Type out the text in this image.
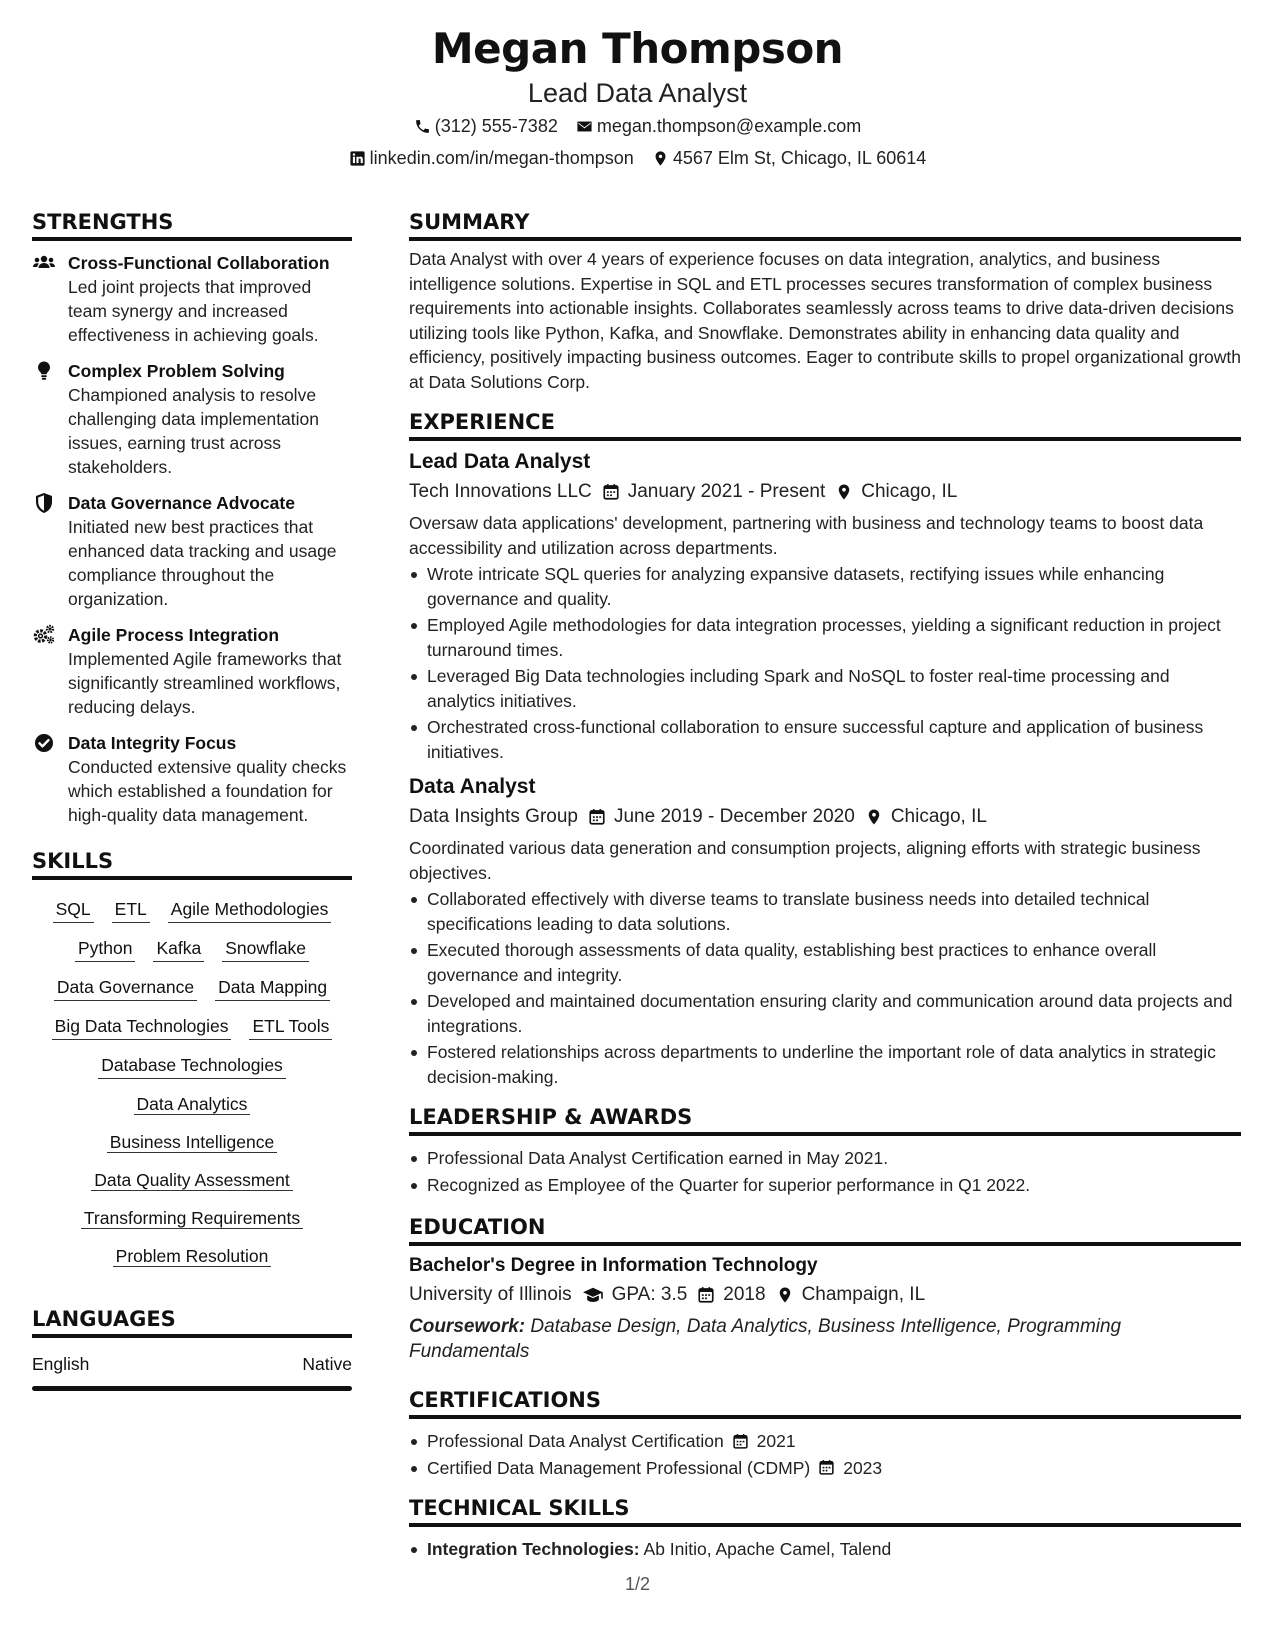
Megan Thompson
Lead Data Analyst
(312) 555-7382 megan.thompson@example.com
linkedin.com/in/megan-thompson 4567 Elm St, Chicago, IL 60614
STRENGTHS
Cross-Functional Collaboration
Led joint projects that improved team synergy and increased effectiveness in achieving goals.
Complex Problem Solving
Championed analysis to resolve challenging data implementation issues, earning trust across stakeholders.
Data Governance Advocate
Initiated new best practices that enhanced data tracking and usage compliance throughout the organization.
Agile Process Integration
Implemented Agile frameworks that significantly streamlined workflows, reducing delays.
Data Integrity Focus
Conducted extensive quality checks which established a foundation for high-quality data management.
SKILLS
SQL ETL Agile Methodologies
Python Kafka Snowflake
Data Governance Data Mapping
Big Data Technologies ETL Tools
Database Technologies
Data Analytics
Business Intelligence
Data Quality Assessment
Transforming Requirements
Problem Resolution
LANGUAGES
English	Native
SUMMARY
Data Analyst with over 4 years of experience focuses on data integration, analytics, and business intelligence solutions. Expertise in SQL and ETL processes secures transformation of complex business requirements into actionable insights. Collaborates seamlessly across teams to drive data-driven decisions utilizing tools like Python, Kafka, and Snowflake. Demonstrates ability in enhancing data quality and efficiency, positively impacting business outcomes. Eager to contribute skills to propel organizational growth at Data Solutions Corp.
EXPERIENCE
Lead Data Analyst
Tech Innovations LLC January 2021 - Present Chicago, IL
Oversaw data applications' development, partnering with business and technology teams to boost data accessibility and utilization across departments.
Wrote intricate SQL queries for analyzing expansive datasets, rectifying issues while enhancing governance and quality.
Employed Agile methodologies for data integration processes, yielding a significant reduction in project turnaround times.
Leveraged Big Data technologies including Spark and NoSQL to foster real-time processing and analytics initiatives.
Orchestrated cross-functional collaboration to ensure successful capture and application of business initiatives.
Data Analyst
Data Insights Group June 2019 - December 2020 Chicago, IL
Coordinated various data generation and consumption projects, aligning efforts with strategic business objectives.
Collaborated effectively with diverse teams to translate business needs into detailed technical specifications leading to data solutions.
Executed thorough assessments of data quality, establishing best practices to enhance overall governance and integrity.
Developed and maintained documentation ensuring clarity and communication around data projects and integrations.
Fostered relationships across departments to underline the important role of data analytics in strategic decision-making.
LEADERSHIP & AWARDS
Professional Data Analyst Certification earned in May 2021.
Recognized as Employee of the Quarter for superior performance in Q1 2022.
EDUCATION
Bachelor's Degree in Information Technology
University of Illinois GPA: 3.5 2018 Champaign, IL
Coursework: Database Design, Data Analytics, Business Intelligence, Programming Fundamentals
CERTIFICATIONS
Professional Data Analyst Certification 2021
Certified Data Management Professional (CDMP) 2023
TECHNICAL SKILLS
Integration Technologies: Ab Initio, Apache Camel, Talend
1/2
